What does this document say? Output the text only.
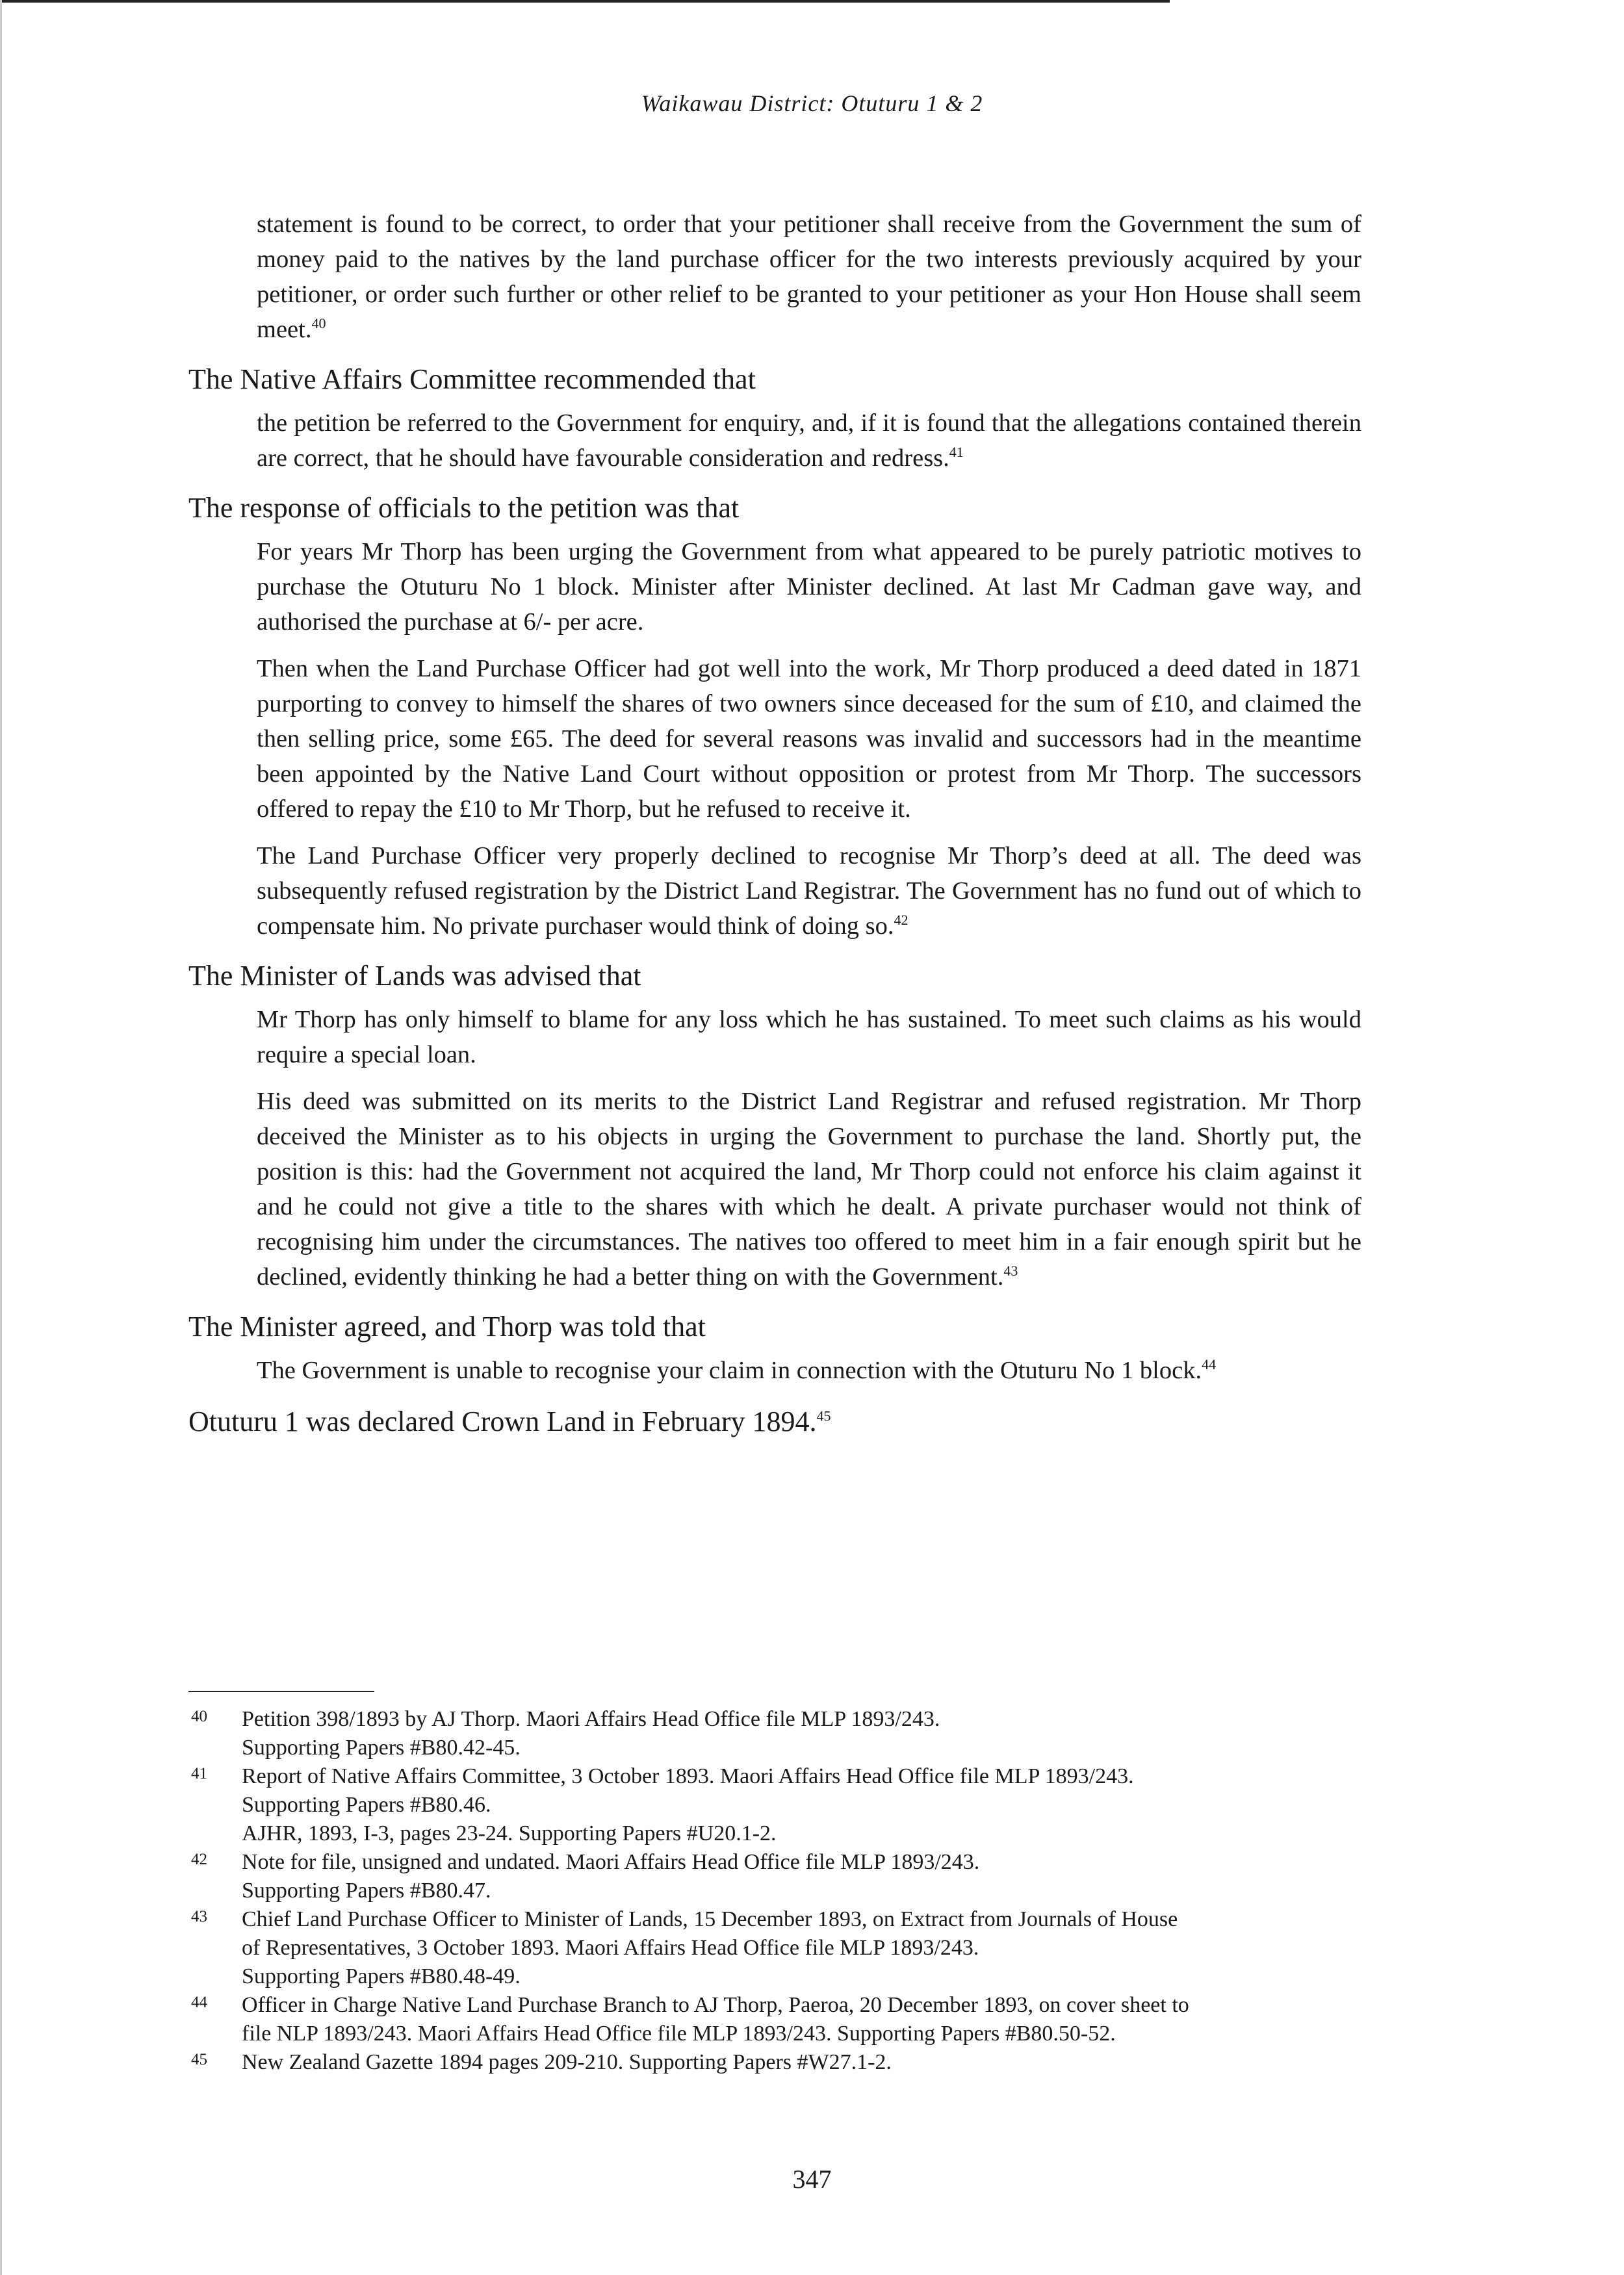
Waikawau District: Otuturu 1 & 2

statement is found to be correct, to order that your petitioner shall receive from the Government the sum of money paid to the natives by the land purchase officer for the two interests previously acquired by your petitioner, or order such further or other relief to be granted to your petitioner as your Hon House shall seem meet.$^{40}$

The Native Affairs Committee recommended that

the petition be referred to the Government for enquiry, and, if it is found that the allegations contained therein are correct, that he should have favourable consideration and redress.$^{41}$

The response of officials to the petition was that

For years Mr Thorp has been urging the Government from what appeared to be purely patriotic motives to purchase the Otuturu No 1 block. Minister after Minister declined. At last Mr Cadman gave way, and authorised the purchase at 6/- per acre.

Then when the Land Purchase Officer had got well into the work, Mr Thorp produced a deed dated in 1871 purporting to convey to himself the shares of two owners since deceased for the sum of £10, and claimed the then selling price, some £65. The deed for several reasons was invalid and successors had in the meantime been appointed by the Native Land Court without opposition or protest from Mr Thorp. The successors offered to repay the £10 to Mr Thorp, but he refused to receive it.

The Land Purchase Officer very properly declined to recognise Mr Thorp’s deed at all. The deed was subsequently refused registration by the District Land Registrar. The Government has no fund out of which to compensate him. No private purchaser would think of doing so.$^{42}$

The Minister of Lands was advised that

Mr Thorp has only himself to blame for any loss which he has sustained. To meet such claims as his would require a special loan.

His deed was submitted on its merits to the District Land Registrar and refused registration. Mr Thorp deceived the Minister as to his objects in urging the Government to purchase the land. Shortly put, the position is this: had the Government not acquired the land, Mr Thorp could not enforce his claim against it and he could not give a title to the shares with which he dealt. A private purchaser would not think of recognising him under the circumstances. The natives too offered to meet him in a fair enough spirit but he declined, evidently thinking he had a better thing on with the Government.$^{43}$

The Minister agreed, and Thorp was told that

The Government is unable to recognise your claim in connection with the Otuturu No 1 block.$^{44}$

Otuturu 1 was declared Crown Land in February 1894.45
40 Petition 398/1893 by AJ Thorp. Maori Affairs Head Office file MLP 1893/243.
Supporting Papers #B80.42-45.
41 Report of Native Affairs Committee, 3 October 1893. Maori Affairs Head Office file MLP 1893/243.
Supporting Papers #B80.46.
AJHR, 1893, I-3, pages 23-24. Supporting Papers #U20.1-2.
42 Note for file, unsigned and undated. Maori Affairs Head Office file MLP 1893/243.
Supporting Papers #B80.47.
43 Chief Land Purchase Officer to Minister of Lands, 15 December 1893, on Extract from Journals of House
of Representatives, 3 October 1893. Maori Affairs Head Office file MLP 1893/243.
Supporting Papers #B80.48-49.
44 Officer in Charge Native Land Purchase Branch to AJ Thorp, Paeroa, 20 December 1893, on cover sheet to
file NLP 1893/243. Maori Affairs Head Office file MLP 1893/243. Supporting Papers #B80.50-52.
45 New Zealand Gazette 1894 pages 209-210. Supporting Papers #W27.1-2.
347
